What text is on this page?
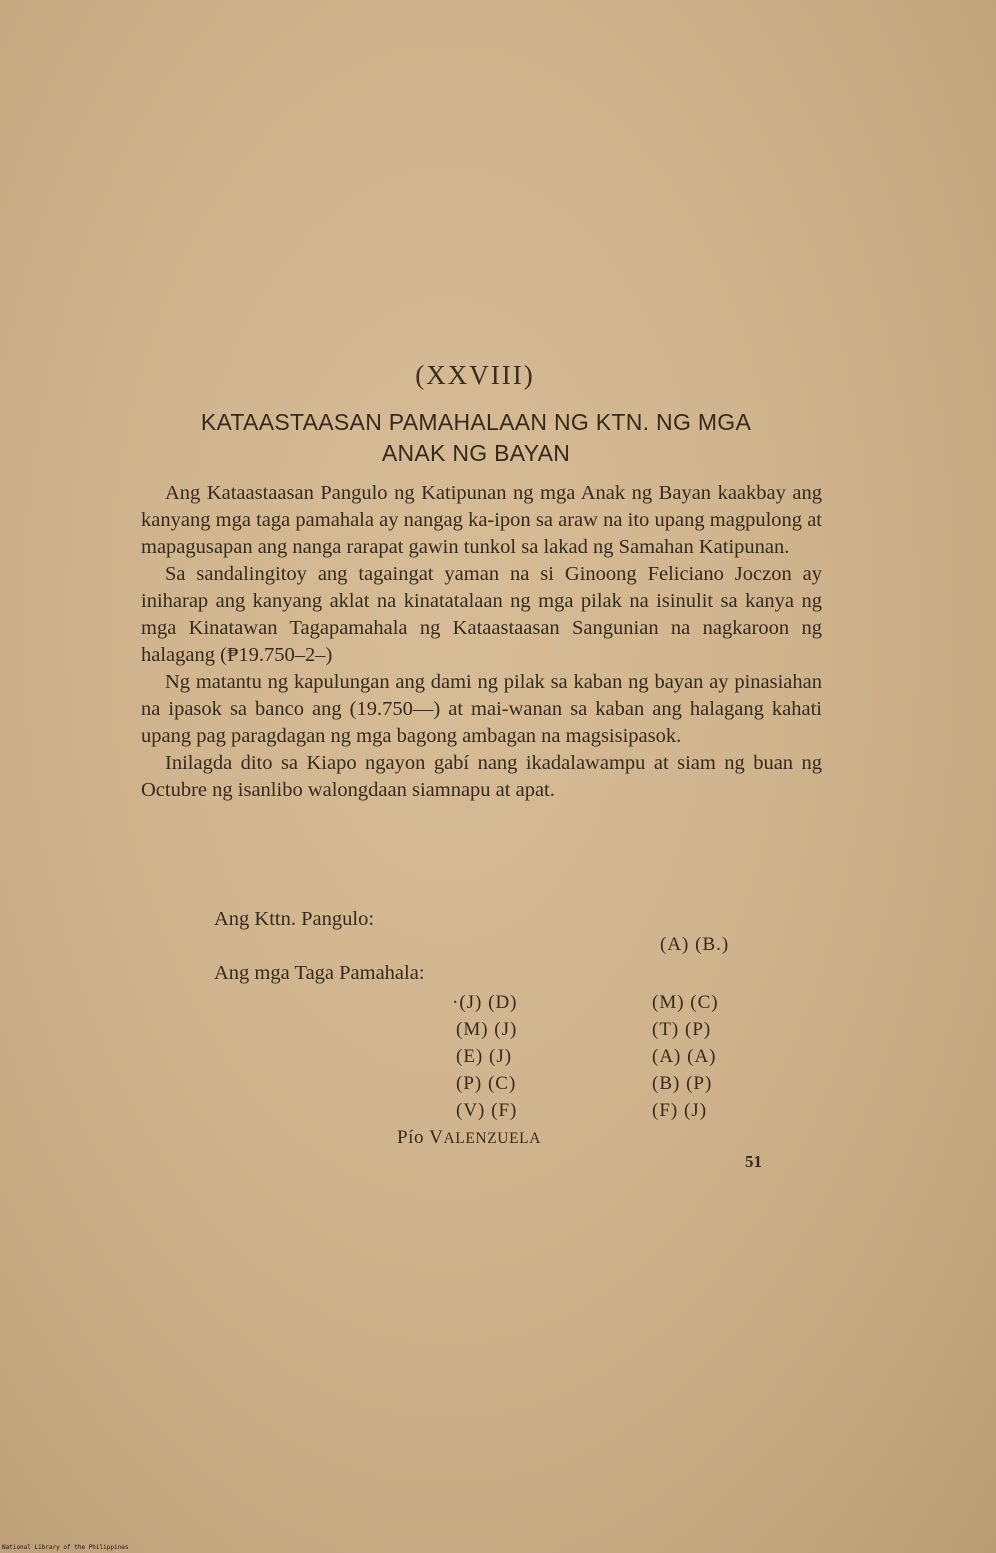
(XXVIII)
KATAASTAASAN PAMAHALAAN NG KTN. NG MGA
ANAK NG BAYAN

Ang Kataastaasan Pangulo ng Katipunan ng mga Anak ng Bayan kaakbay ang kanyang mga taga pamahala ay nangag ka-ipon sa araw na ito upang magpulong at mapagusapan ang nanga rarapat gawin tunkol sa lakad ng Samahan Katipunan.

Sa sandalingitoy ang tagaingat yaman na si Ginoong Feliciano Joczon ay iniharap ang kanyang aklat na kinatatalaan ng mga pilak na isinulit sa kanya ng mga Kinatawan Tagapamahala ng Kataastaasan Sangunian na nagkaroon ng halagang (₱19.750–2–)

Ng matantu ng kapulungan ang dami ng pilak sa kaban ng bayan ay pinasiahan na ipasok sa banco ang (19.750—) at mai-wanan sa kaban ang halagang kahati upang pag paragdagan ng mga bagong ambagan na magsisipasok.

Inilagda dito sa Kiapo ngayon gabí nang ikadalawampu at siam ng buan ng Octubre ng isanlibo walongdaan siamnapu at apat.

Ang Kttn. Pangulo:
(A) (B.)
Ang mga Taga Pamahala:
·(J) (D)
(M) (J)
(E) (J)
(P) (C)
(V) (F)
(M) (C)
(T) (P)
(A) (A)
(B) (P)
(F) (J)
Pío VALENZUELA
51
National Library of the Philippines
